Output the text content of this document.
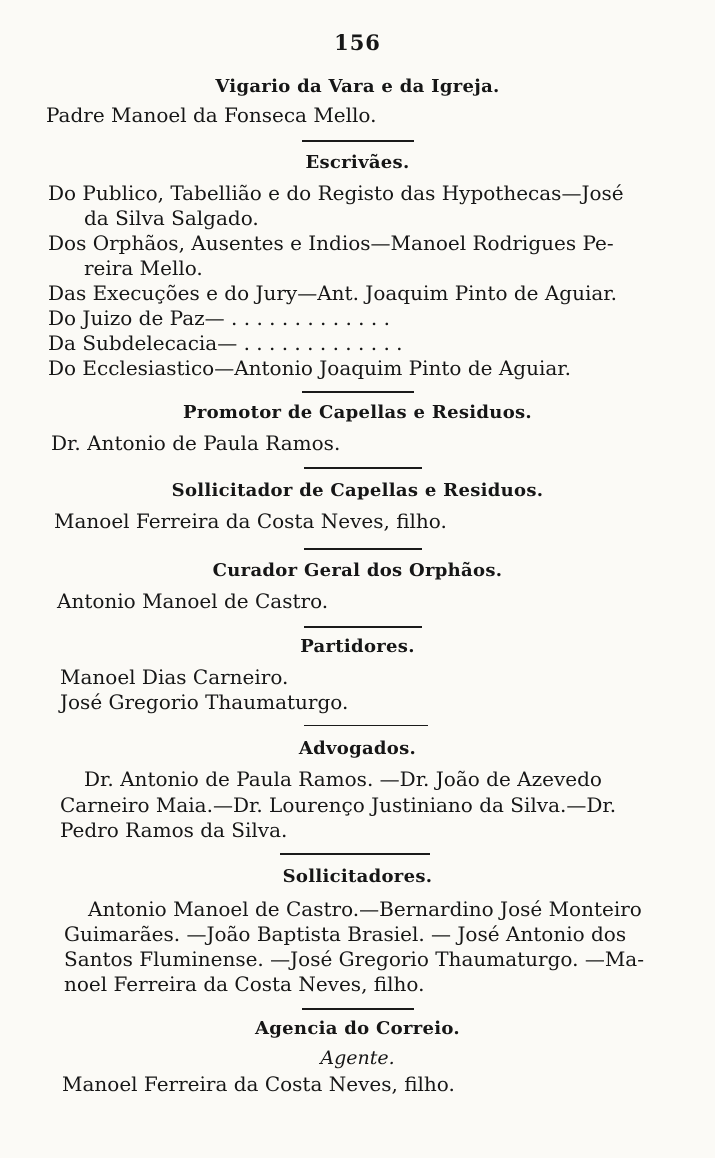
156
Vigario da Vara e da Igreja.
Padre Manoel da Fonseca Mello.
Escrivães.
Do Publico, Tabellião e do Registo das Hypothecas—José
da Silva Salgado.
Dos Orphãos, Ausentes e Indios—Manoel Rodrigues Pe-
reira Mello.
Das Execuções e do Jury—Ant. Joaquim Pinto de Aguiar.
Do Juizo de Paz— . . . . . . . . . . . . .
Da Subdelecacia— . . . . . . . . . . . . .
Do Ecclesiastico—Antonio Joaquim Pinto de Aguiar.
Promotor de Capellas e Residuos.
Dr. Antonio de Paula Ramos.
Sollicitador de Capellas e Residuos.
Manoel Ferreira da Costa Neves, filho.
Curador Geral dos Orphãos.
Antonio Manoel de Castro.
Partidores.
Manoel Dias Carneiro.
José Gregorio Thaumaturgo.
Advogados.
Dr. Antonio de Paula Ramos. —Dr. João de Azevedo
Carneiro Maia.—Dr. Lourenço Justiniano da Silva.—Dr.
Pedro Ramos da Silva.
Sollicitadores.
Antonio Manoel de Castro.—Bernardino José Monteiro
Guimarães. —João Baptista Brasiel. — José Antonio dos
Santos Fluminense. —José Gregorio Thaumaturgo. —Ma-
noel Ferreira da Costa Neves, filho.
Agencia do Correio.
Agente.
Manoel Ferreira da Costa Neves, filho.
